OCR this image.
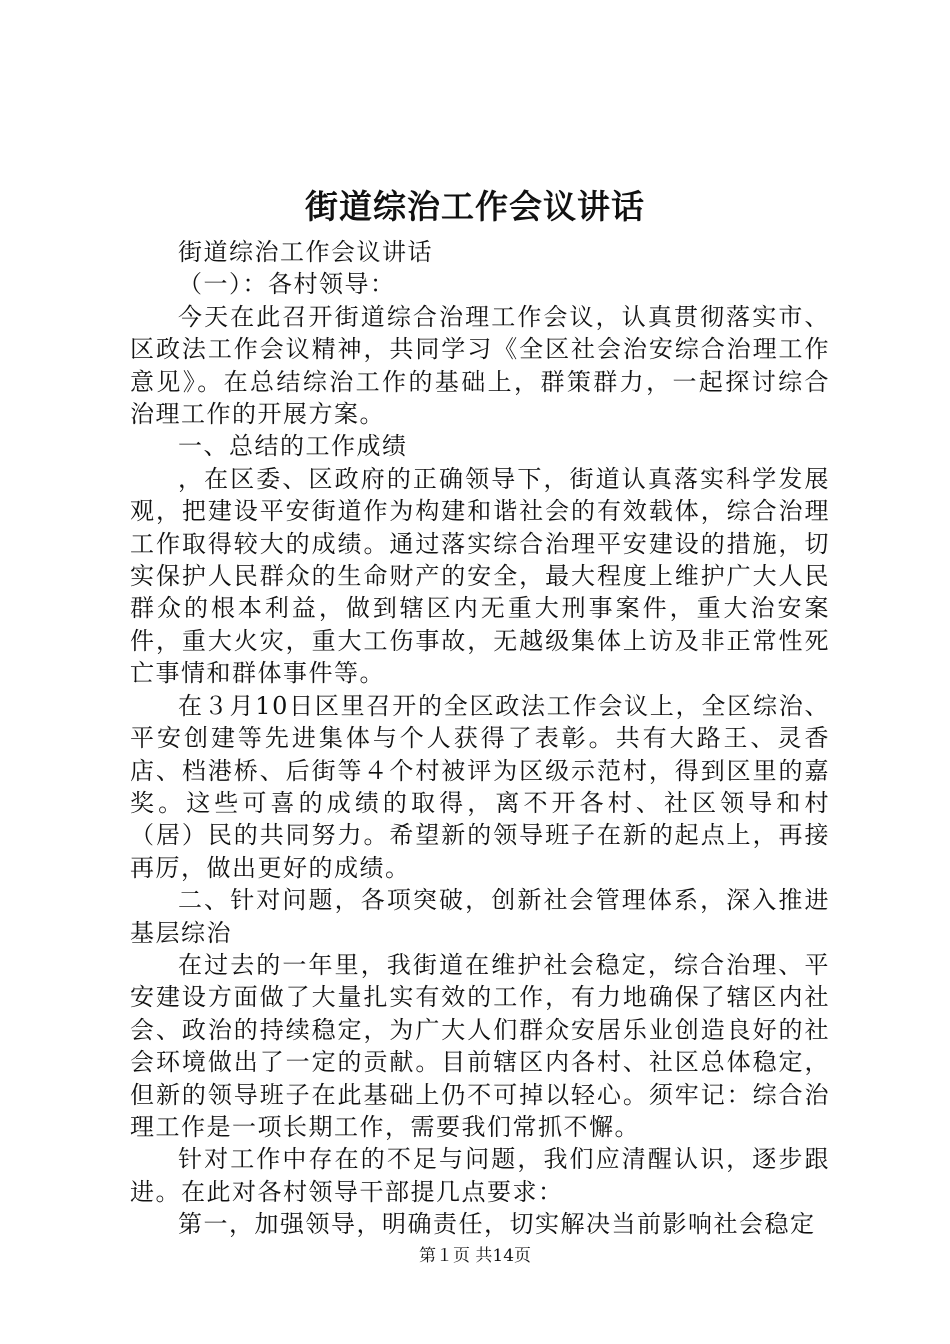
街道综治工作会议讲话

街道综治工作会议讲话

（一）：各村领导：

今天在此召开街道综合治理工作会议，认真贯彻落实市、区政法工作会议精神，共同学习《全区社会治安综合治理工作意见》。在总结综治工作的基础上，群策群力，一起探讨综合治理工作的开展方案。

一、总结的工作成绩

，在区委、区政府的正确领导下，街道认真落实科学发展观，把建设平安街道作为构建和谐社会的有效载体，综合治理工作取得较大的成绩。通过落实综合治理平安建设的措施，切实保护人民群众的生命财产的安全，最大程度上维护广大人民群众的根本利益，做到辖区内无重大刑事案件，重大治安案件，重大火灾，重大工伤事故，无越级集体上访及非正常性死亡事情和群体事件等。

在３月10日区里召开的全区政法工作会议上，全区综治、平安创建等先进集体与个人获得了表彰。共有大路王、灵香店、档港桥、后街等４个村被评为区级示范村，得到区里的嘉奖。这些可喜的成绩的取得，离不开各村、社区领导和村（居）民的共同努力。希望新的领导班子在新的起点上，再接再厉，做出更好的成绩。

二、针对问题，各项突破，创新社会管理体系，深入推进基层综治

在过去的一年里，我街道在维护社会稳定，综合治理、平安建设方面做了大量扎实有效的工作，有力地确保了辖区内社会、政治的持续稳定，为广大人们群众安居乐业创造良好的社会环境做出了一定的贡献。目前辖区内各村、社区总体稳定，但新的领导班子在此基础上仍不可掉以轻心。须牢记：综合治理工作是一项长期工作，需要我们常抓不懈。

针对工作中存在的不足与问题，我们应清醒认识，逐步跟进。在此对各村领导干部提几点要求：

第一，加强领导，明确责任，切实解决当前影响社会稳定

第１页 共14页
